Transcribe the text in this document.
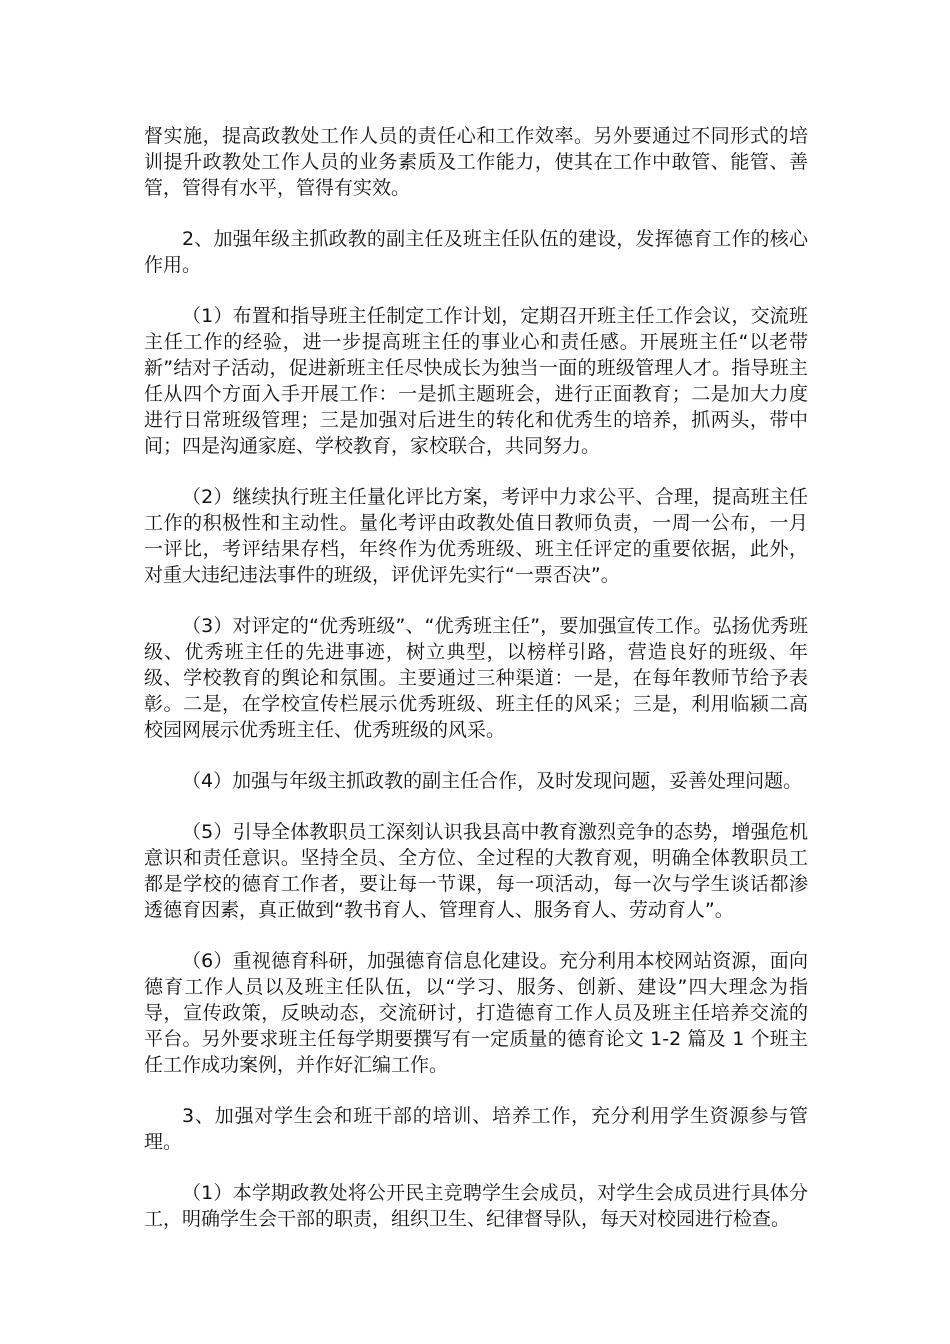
督实施，提高政教处工作人员的责任心和工作效率。另外要通过不同形式的培训提升政教处工作人员的业务素质及工作能力，使其在工作中敢管、能管、善管，管得有水平，管得有实效。

2、加强年级主抓政教的副主任及班主任队伍的建设，发挥德育工作的核心作用。

（1）布置和指导班主任制定工作计划，定期召开班主任工作会议，交流班主任工作的经验，进一步提高班主任的事业心和责任感。开展班主任“以老带新”结对子活动，促进新班主任尽快成长为独当一面的班级管理人才。指导班主任从四个方面入手开展工作：一是抓主题班会，进行正面教育；二是加大力度进行日常班级管理；三是加强对后进生的转化和优秀生的培养，抓两头，带中间；四是沟通家庭、学校教育，家校联合，共同努力。

（2）继续执行班主任量化评比方案，考评中力求公平、合理，提高班主任工作的积极性和主动性。量化考评由政教处值日教师负责，一周一公布，一月一评比，考评结果存档，年终作为优秀班级、班主任评定的重要依据，此外，对重大违纪违法事件的班级，评优评先实行“一票否决”。

（3）对评定的“优秀班级”、“优秀班主任”，要加强宣传工作。弘扬优秀班级、优秀班主任的先进事迹，树立典型，以榜样引路，营造良好的班级、年级、学校教育的舆论和氛围。主要通过三种渠道：一是，在每年教师节给予表彰。二是，在学校宣传栏展示优秀班级、班主任的风采；三是，利用临颍二高校园网展示优秀班主任、优秀班级的风采。

（4）加强与年级主抓政教的副主任合作，及时发现问题，妥善处理问题。

（5）引导全体教职员工深刻认识我县高中教育激烈竞争的态势，增强危机意识和责任意识。坚持全员、全方位、全过程的大教育观，明确全体教职员工都是学校的德育工作者，要让每一节课，每一项活动，每一次与学生谈话都渗透德育因素，真正做到“教书育人、管理育人、服务育人、劳动育人”。

（6）重视德育科研，加强德育信息化建设。充分利用本校网站资源，面向德育工作人员以及班主任队伍，以“学习、服务、创新、建设”四大理念为指导，宣传政策，反映动态，交流研讨，打造德育工作人员及班主任培养交流的平台。另外要求班主任每学期要撰写有一定质量的德育论文 1-2 篇及 1 个班主任工作成功案例，并作好汇编工作。

3、加强对学生会和班干部的培训、培养工作，充分利用学生资源参与管理。

（1）本学期政教处将公开民主竞聘学生会成员，对学生会成员进行具体分工，明确学生会干部的职责，组织卫生、纪律督导队，每天对校园进行检查。
